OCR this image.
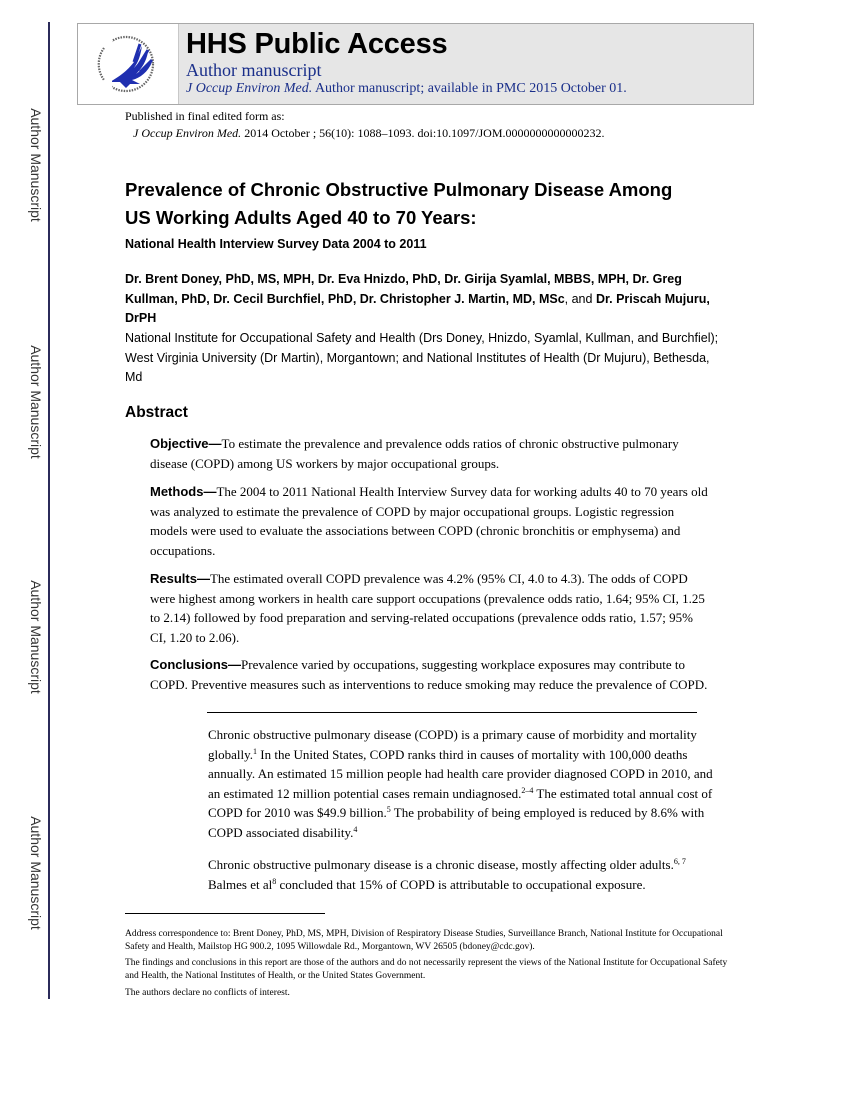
Author Manuscript
Author Manuscript
Author Manuscript
Author Manuscript
HHS Public Access
Author manuscript
J Occup Environ Med. Author manuscript; available in PMC 2015 October 01.
Published in final edited form as:
J Occup Environ Med. 2014 October ; 56(10): 1088–1093. doi:10.1097/JOM.0000000000000232.
Prevalence of Chronic Obstructive Pulmonary Disease Among
US Working Adults Aged 40 to 70 Years:
National Health Interview Survey Data 2004 to 2011
Dr. Brent Doney, PhD, MS, MPH, Dr. Eva Hnizdo, PhD, Dr. Girija Syamlal, MBBS, MPH, Dr. Greg Kullman, PhD, Dr. Cecil Burchfiel, PhD, Dr. Christopher J. Martin, MD, MSc, and Dr. Priscah Mujuru, DrPH
National Institute for Occupational Safety and Health (Drs Doney, Hnizdo, Syamlal, Kullman, and Burchfiel); West Virginia University (Dr Martin), Morgantown; and National Institutes of Health (Dr Mujuru), Bethesda, Md
Abstract
Objective—To estimate the prevalence and prevalence odds ratios of chronic obstructive pulmonary disease (COPD) among US workers by major occupational groups.
Methods—The 2004 to 2011 National Health Interview Survey data for working adults 40 to 70 years old was analyzed to estimate the prevalence of COPD by major occupational groups. Logistic regression models were used to evaluate the associations between COPD (chronic bronchitis or emphysema) and occupations.
Results—The estimated overall COPD prevalence was 4.2% (95% CI, 4.0 to 4.3). The odds of COPD were highest among workers in health care support occupations (prevalence odds ratio, 1.64; 95% CI, 1.25 to 2.14) followed by food preparation and serving-related occupations (prevalence odds ratio, 1.57; 95% CI, 1.20 to 2.06).
Conclusions—Prevalence varied by occupations, suggesting workplace exposures may contribute to COPD. Preventive measures such as interventions to reduce smoking may reduce the prevalence of COPD.
Chronic obstructive pulmonary disease (COPD) is a primary cause of morbidity and mortality globally.$^1$ In the United States, COPD ranks third in causes of mortality with 100,000 deaths annually. An estimated 15 million people had health care provider diagnosed COPD in 2010, and an estimated 12 million potential cases remain undiagnosed.$^{2-4}$ The estimated total annual cost of COPD for 2010 was $49.9 billion.$^5$ The probability of being employed is reduced by 8.6% with COPD associated disability.$^4$
Chronic obstructive pulmonary disease is a chronic disease, mostly affecting older adults.$^{6, 7}$ Balmes et $al^8$ concluded that 15% of COPD is attributable to occupational exposure.
Address correspondence to: Brent Doney, PhD, MS, MPH, Division of Respiratory Disease Studies, Surveillance Branch, National Institute for Occupational Safety and Health, Mailstop HG 900.2, 1095 Willowdale Rd., Morgantown, WV 26505 (bdoney@cdc.gov).
The findings and conclusions in this report are those of the authors and do not necessarily represent the views of the National Institute for Occupational Safety and Health, the National Institutes of Health, or the United States Government.
The authors declare no conflicts of interest.
